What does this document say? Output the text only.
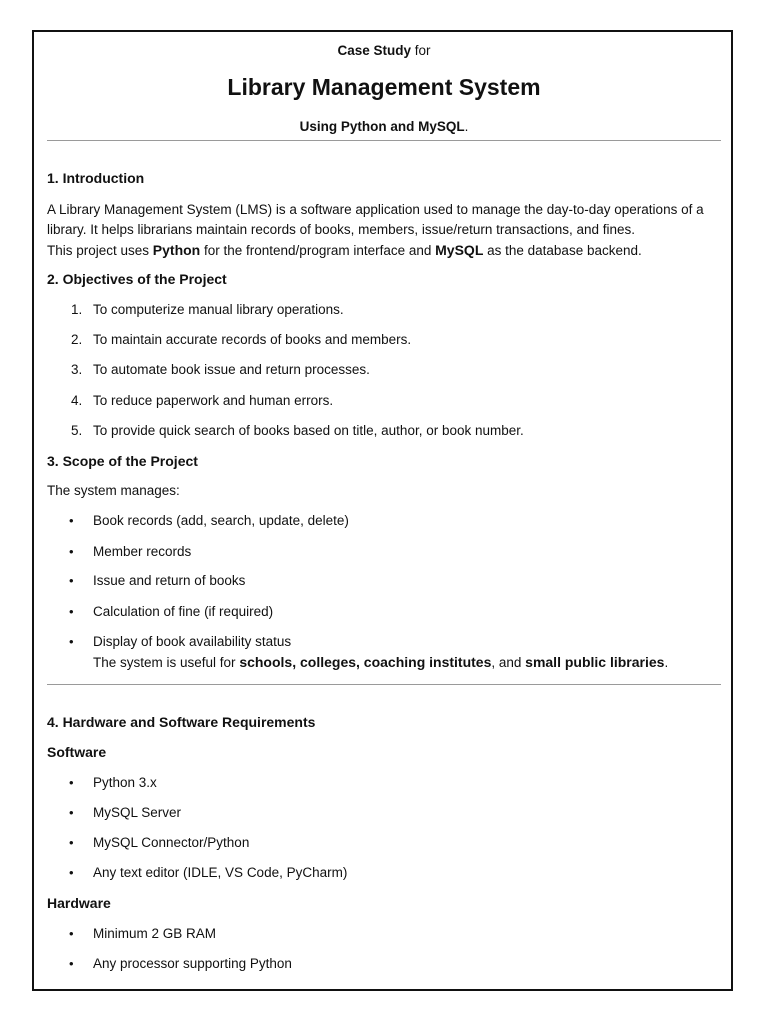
Case Study for
Library Management System
Using Python and MySQL.
1. Introduction
A Library Management System (LMS) is a software application used to manage the day-to-day operations of a library. It helps librarians maintain records of books, members, issue/return transactions, and fines.
This project uses Python for the frontend/program interface and MySQL as the database backend.
2. Objectives of the Project
1. To computerize manual library operations.
2. To maintain accurate records of books and members.
3. To automate book issue and return processes.
4. To reduce paperwork and human errors.
5. To provide quick search of books based on title, author, or book number.
3. Scope of the Project
The system manages:
• Book records (add, search, update, delete)
• Member records
• Issue and return of books
• Calculation of fine (if required)
• Display of book availability status
The system is useful for schools, colleges, coaching institutes, and small public libraries.
4. Hardware and Software Requirements
Software
• Python 3.x
• MySQL Server
• MySQL Connector/Python
• Any text editor (IDLE, VS Code, PyCharm)
Hardware
• Minimum 2 GB RAM
• Any processor supporting Python
